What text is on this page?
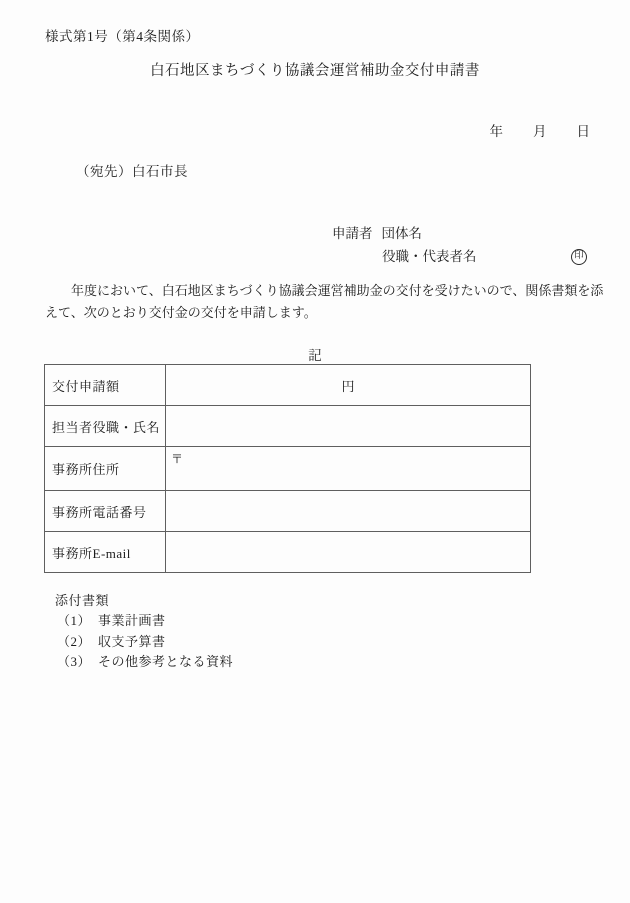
様式第1号（第4条関係）
白石地区まちづくり協議会運営補助金交付申請書
年　　月　　日
（宛先）白石市長
申請者 団体名
役職・代表者名	印

　　年度において、白石地区まちづくり協議会運営補助金の交付を受けたいので、関係書類を添えて、次のとおり交付金の交付を申請します。

記
交付申請額	円
担当者役職・氏名	
事務所住所	〒
事務所電話番号	
事務所E-mail	
添付書類
（1）　事業計画書
（2）　収支予算書
（3）　その他参考となる資料
